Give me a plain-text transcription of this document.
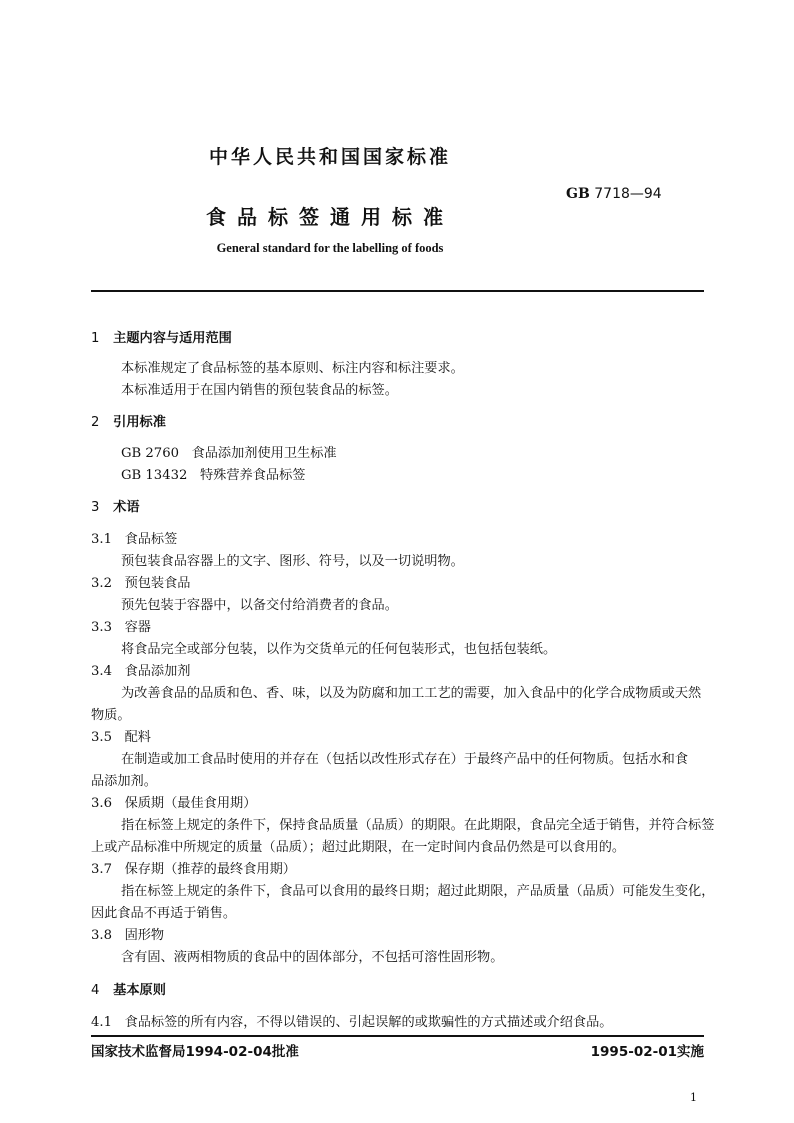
中华人民共和国国家标准
GB 7718—94
食品标签通用标准
General standard for the labelling of foods
1 主题内容与适用范围
本标准规定了食品标签的基本原则、标注内容和标注要求。
本标准适用于在国内销售的预包装食品的标签。
2 引用标准
GB 2760 食品添加剂使用卫生标准
GB 13432 特殊营养食品标签
3 术语
3.1 食品标签
预包装食品容器上的文字、图形、符号，以及一切说明物。
3.2 预包装食品
预先包装于容器中，以备交付给消费者的食品。
3.3 容器
将食品完全或部分包装，以作为交货单元的任何包装形式，也包括包装纸。
3.4 食品添加剂
为改善食品的品质和色、香、味，以及为防腐和加工工艺的需要，加入食品中的化学合成物质或天然
物质。
3.5 配料
在制造或加工食品时使用的并存在（包括以改性形式存在）于最终产品中的任何物质。包括水和食
品添加剂。
3.6 保质期（最佳食用期）
指在标签上规定的条件下，保持食品质量（品质）的期限。在此期限，食品完全适于销售，并符合标签
上或产品标准中所规定的质量（品质）；超过此期限，在一定时间内食品仍然是可以食用的。
3.7 保存期（推荐的最终食用期）
指在标签上规定的条件下，食品可以食用的最终日期；超过此期限，产品质量（品质）可能发生变化，
因此食品不再适于销售。
3.8 固形物
含有固、液两相物质的食品中的固体部分，不包括可溶性固形物。
4 基本原则
4.1 食品标签的所有内容，不得以错误的、引起误解的或欺骗性的方式描述或介绍食品。
国家技术监督局1994-02-04批准	1995-02-01实施
1
